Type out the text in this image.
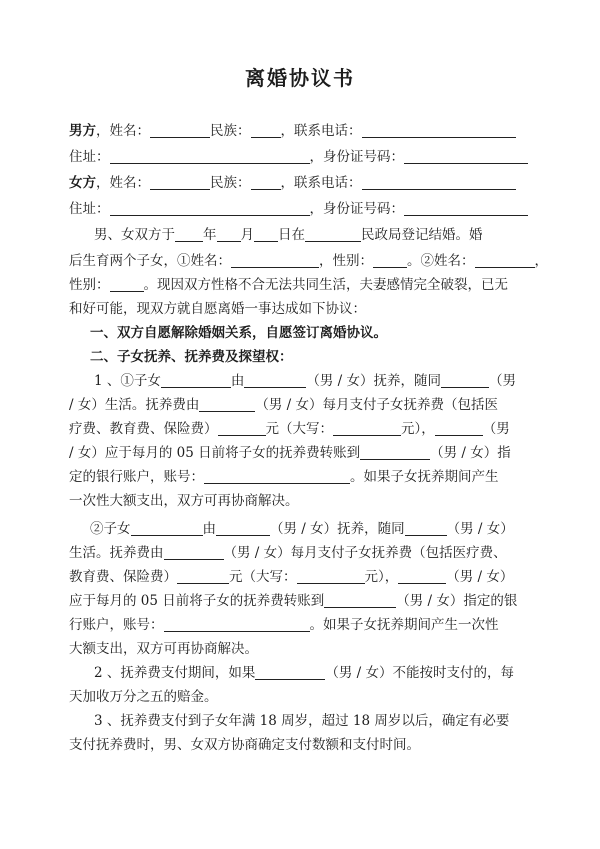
离婚协议书
男方，姓名：	民族： ，联系电话：
住址：	，身份证号码：
女方，姓名：	民族： ，联系电话：
住址：	，身份证号码：
男、女双方于 年 月 日在	民政局登记结婚。婚
后生育两个子女，①姓名：	，性别：	。②姓名：	，
性别：	。现因双方性格不合无法共同生活，夫妻感情完全破裂，已无
和好可能，现双方就自愿离婚一事达成如下协议：
一、双方自愿解除婚姻关系，自愿签订离婚协议。
二、子女抚养、抚养费及探望权：
1 、①子女	由	（男 / 女）抚养，随同	（男
/ 女）生活。抚养费由	（男 / 女）每月支付子女抚养费（包括医
疗费、教育费、保险费）	元（大写：	元），	（男
/ 女）应于每月的 05 日前将子女的抚养费转账到	（男 / 女）指
定的银行账户，账号：	。如果子女抚养期间产生
一次性大额支出，双方可再协商解决。
②子女	由	（男 / 女）抚养，随同	（男 / 女）
生活。抚养费由	（男 / 女）每月支付子女抚养费（包括医疗费、
教育费、保险费）	元（大写：	元），	（男 / 女）
应于每月的 05 日前将子女的抚养费转账到	（男 / 女）指定的银
行账户，账号：	。如果子女抚养期间产生一次性
大额支出，双方可再协商解决。
2 、抚养费支付期间，如果	（男 / 女）不能按时支付的，每
天加收万分之五的赔金。
3 、抚养费支付到子女年满 18 周岁，超过 18 周岁以后，确定有必要
支付抚养费时，男、女双方协商确定支付数额和支付时间。
